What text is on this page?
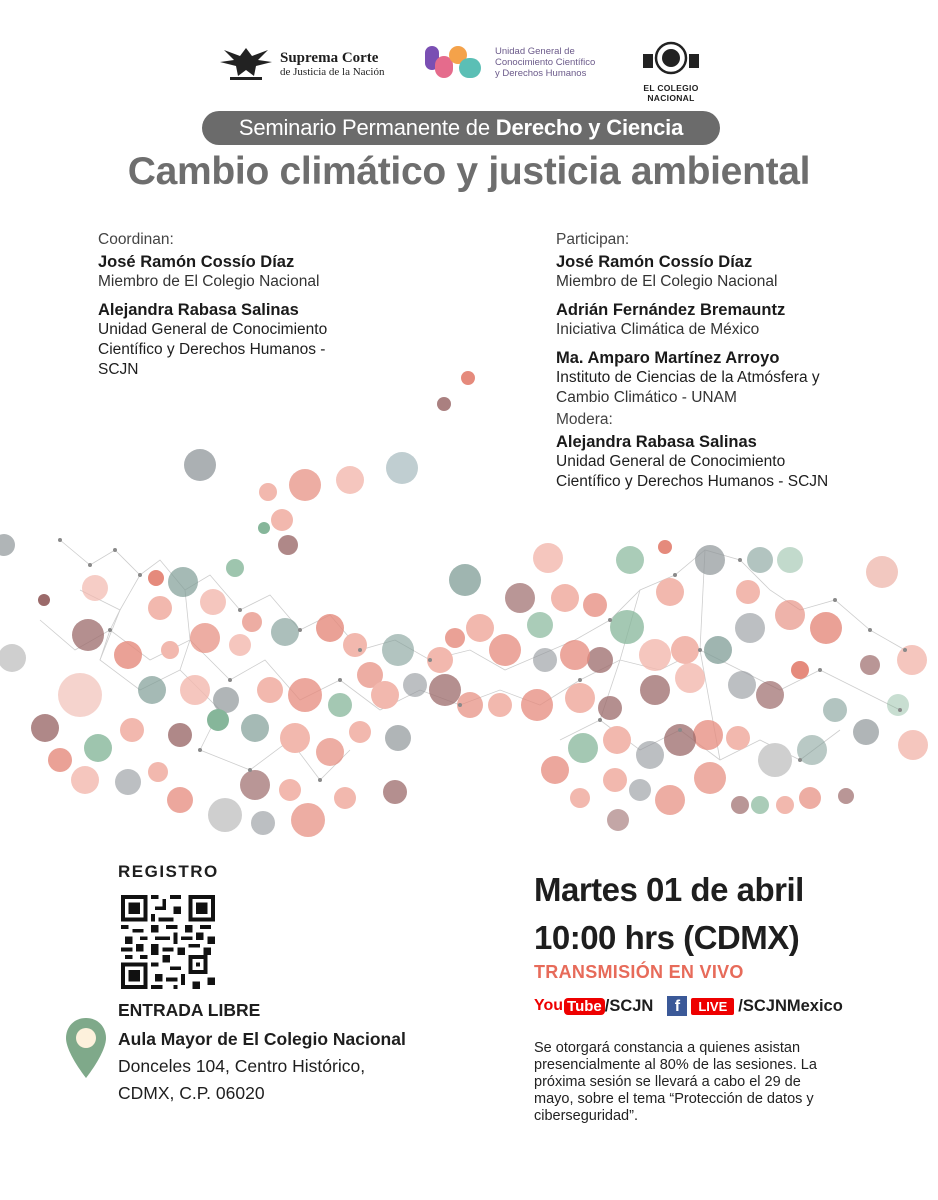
Suprema Corte
de Justicia de la Nación
Unidad General de
Conocimiento Científico
y Derechos Humanos
EL COLEGIO NACIONAL
Seminario Permanente de Derecho y Ciencia
Cambio climático y justicia ambiental
Coordinan:
José Ramón Cossío Díaz
Miembro de El Colegio Nacional
Alejandra Rabasa Salinas
Unidad General de Conocimiento
Científico y Derechos Humanos -
SCJN
Participan:
José Ramón Cossío Díaz
Miembro de El Colegio Nacional
Adrián Fernández Bremauntz
Iniciativa Climática de México
Ma. Amparo Martínez Arroyo
Instituto de Ciencias de la Atmósfera y
Cambio Climático - UNAM
Modera:
Alejandra Rabasa Salinas
Unidad General de Conocimiento
Científico y Derechos Humanos - SCJN
REGISTRO
ENTRADA LIBRE
Aula Mayor de El Colegio Nacional
Donceles 104, Centro Histórico,
CDMX, C.P. 06020
Martes 01 de abril
10:00 hrs (CDMX)
TRANSMISIÓN EN VIVO
You Tube /SCJN	f	LIVE /SCJNMexico
Se otorgará constancia a quienes asistan presencialmente al 80% de las sesiones. La próxima sesión se llevará a cabo el 29 de mayo, sobre el tema “Protección de datos y ciberseguridad”.
